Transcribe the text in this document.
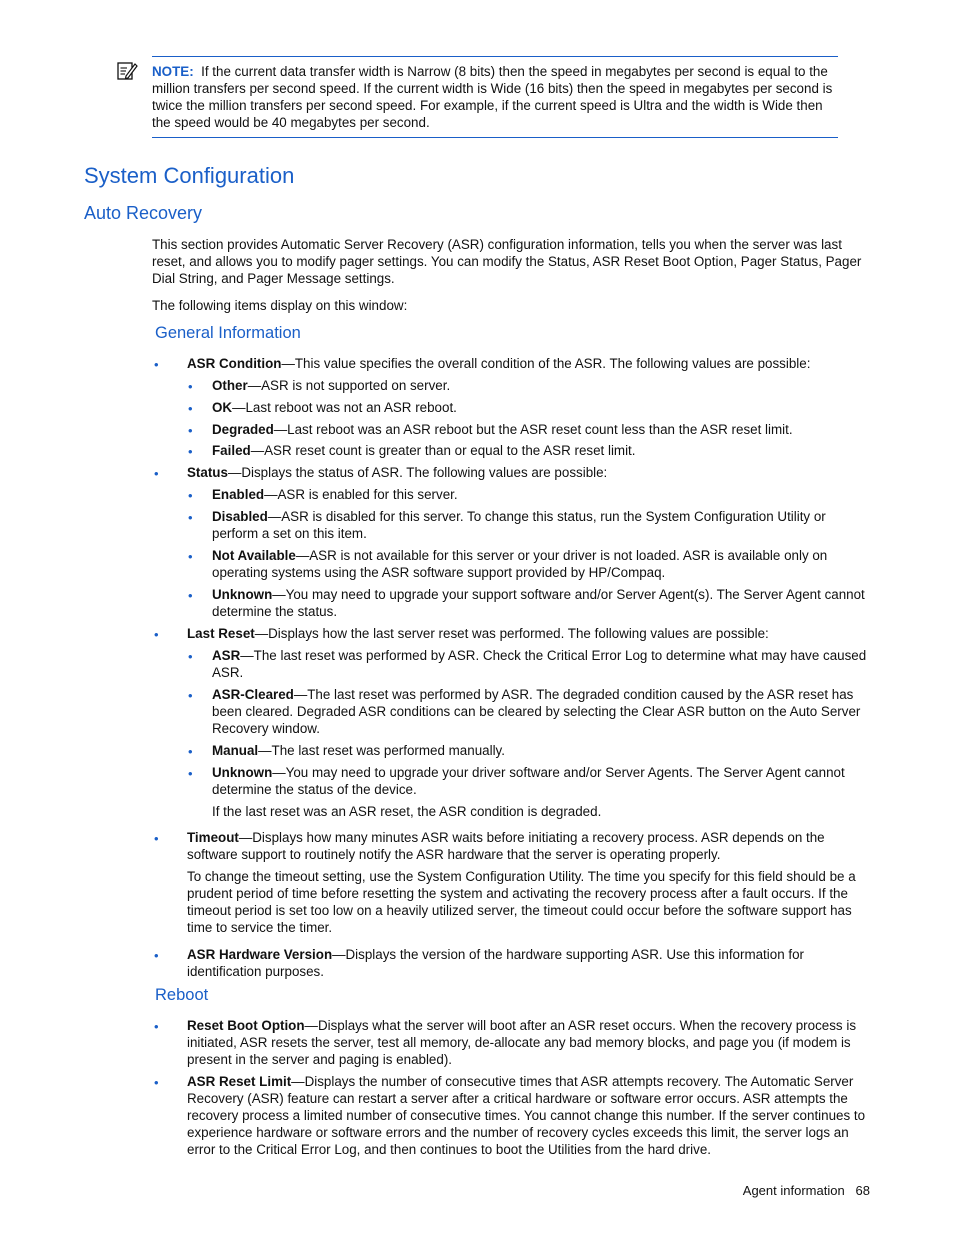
NOTE: If the current data transfer width is Narrow (8 bits) then the speed in megabytes per second is equal to the million transfers per second speed. If the current width is Wide (16 bits) then the speed in megabytes per second is twice the million transfers per second speed. For example, if the current speed is Ultra and the width is Wide then the speed would be 40 megabytes per second.
System Configuration
Auto Recovery

This section provides Automatic Server Recovery (ASR) configuration information, tells you when the server was last reset, and allows you to modify pager settings. You can modify the Status, ASR Reset Boot Option, Pager Status, Pager Dial String, and Pager Message settings.

The following items display on this window:

General Information
• ASR Condition—This value specifies the overall condition of the ASR. The following values are possible:
• Other—ASR is not supported on server.
• OK—Last reboot was not an ASR reboot.
• Degraded—Last reboot was an ASR reboot but the ASR reset count less than the ASR reset limit.
• Failed—ASR reset count is greater than or equal to the ASR reset limit.
• Status—Displays the status of ASR. The following values are possible:
• Enabled—ASR is enabled for this server.
• Disabled—ASR is disabled for this server. To change this status, run the System Configuration Utility or perform a set on this item.
• Not Available—ASR is not available for this server or your driver is not loaded. ASR is available only on operating systems using the ASR software support provided by HP/Compaq.
• Unknown—You may need to upgrade your support software and/or Server Agent(s). The Server Agent cannot determine the status.
• Last Reset—Displays how the last server reset was performed. The following values are possible:
• ASR—The last reset was performed by ASR. Check the Critical Error Log to determine what may have caused ASR.
• ASR-Cleared—The last reset was performed by ASR. The degraded condition caused by the ASR reset has been cleared. Degraded ASR conditions can be cleared by selecting the Clear ASR button on the Auto Server Recovery window.
• Manual—The last reset was performed manually.
• Unknown—You may need to upgrade your driver software and/or Server Agents. The Server Agent cannot determine the status of the device.
If the last reset was an ASR reset, the ASR condition is degraded.
• Timeout—Displays how many minutes ASR waits before initiating a recovery process. ASR depends on the software support to routinely notify the ASR hardware that the server is operating properly.
To change the timeout setting, use the System Configuration Utility. The time you specify for this field should be a prudent period of time before resetting the system and activating the recovery process after a fault occurs. If the timeout period is set too low on a heavily utilized server, the timeout could occur before the software support has time to service the timer.
• ASR Hardware Version—Displays the version of the hardware supporting ASR. Use this information for identification purposes.
Reboot
• Reset Boot Option—Displays what the server will boot after an ASR reset occurs. When the recovery process is initiated, ASR resets the server, test all memory, de-allocate any bad memory blocks, and page you (if modem is present in the server and paging is enabled).
• ASR Reset Limit—Displays the number of consecutive times that ASR attempts recovery. The Automatic Server Recovery (ASR) feature can restart a server after a critical hardware or software error occurs. ASR attempts the recovery process a limited number of consecutive times. You cannot change this number. If the server continues to experience hardware or software errors and the number of recovery cycles exceeds this limit, the server logs an error to the Critical Error Log, and then continues to boot the Utilities from the hard drive.
Agent information 68
